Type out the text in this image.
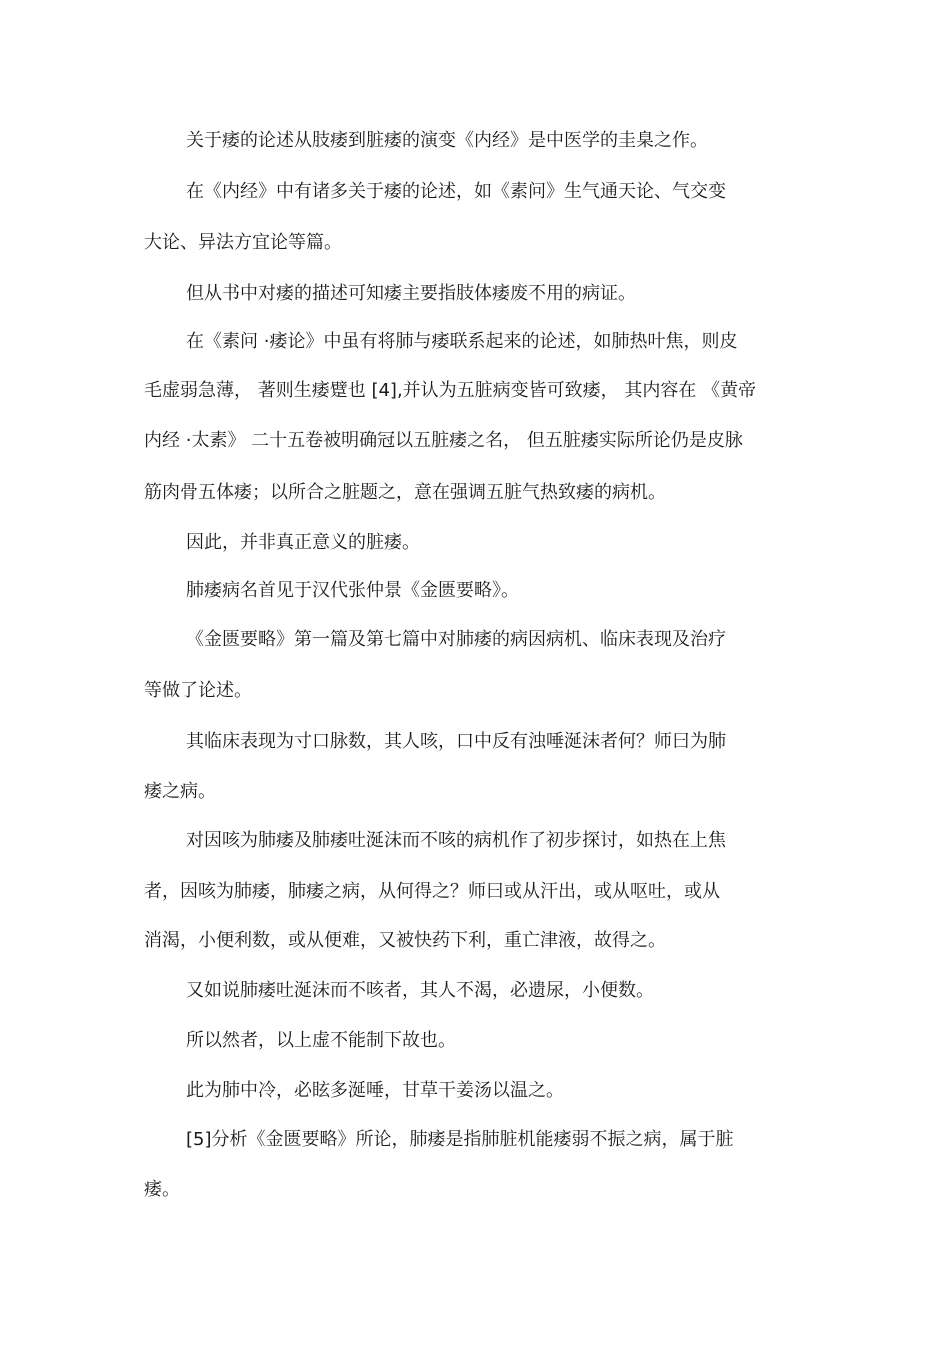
关于痿的论述从肢痿到脏痿的演变《内经》是中医学的圭臬之作。
在《内经》中有诸多关于痿的论述，如《素问》生气通天论、气交变
大论、异法方宜论等篇。
但从书中对痿的描述可知痿主要指肢体痿废不用的病证。
在《素问 ·痿论》中虽有将肺与痿联系起来的论述，如肺热叶焦，则皮
毛虚弱急薄， 著则生痿躄也 [4],并认为五脏病变皆可致痿， 其内容在 《黄帝
内经 ·太素》 二十五卷被明确冠以五脏痿之名， 但五脏痿实际所论仍是皮脉
筋肉骨五体痿；以所合之脏题之，意在强调五脏气热致痿的病机。
因此，并非真正意义的脏痿。
肺痿病名首见于汉代张仲景《金匮要略》。
《金匮要略》第一篇及第七篇中对肺痿的病因病机、临床表现及治疗
等做了论述。
其临床表现为寸口脉数，其人咳，口中反有浊唾涎沫者何？师曰为肺
痿之病。
对因咳为肺痿及肺痿吐涎沫而不咳的病机作了初步探讨，如热在上焦
者，因咳为肺痿，肺痿之病，从何得之？师曰或从汗出，或从呕吐，或从
消渴，小便利数，或从便难，又被快药下利，重亡津液，故得之。
又如说肺痿吐涎沫而不咳者，其人不渴，必遗尿，小便数。
所以然者，以上虚不能制下故也。
此为肺中冷，必眩多涎唾，甘草干姜汤以温之。
[5]分析《金匮要略》所论，肺痿是指肺脏机能痿弱不振之病，属于脏
痿。
